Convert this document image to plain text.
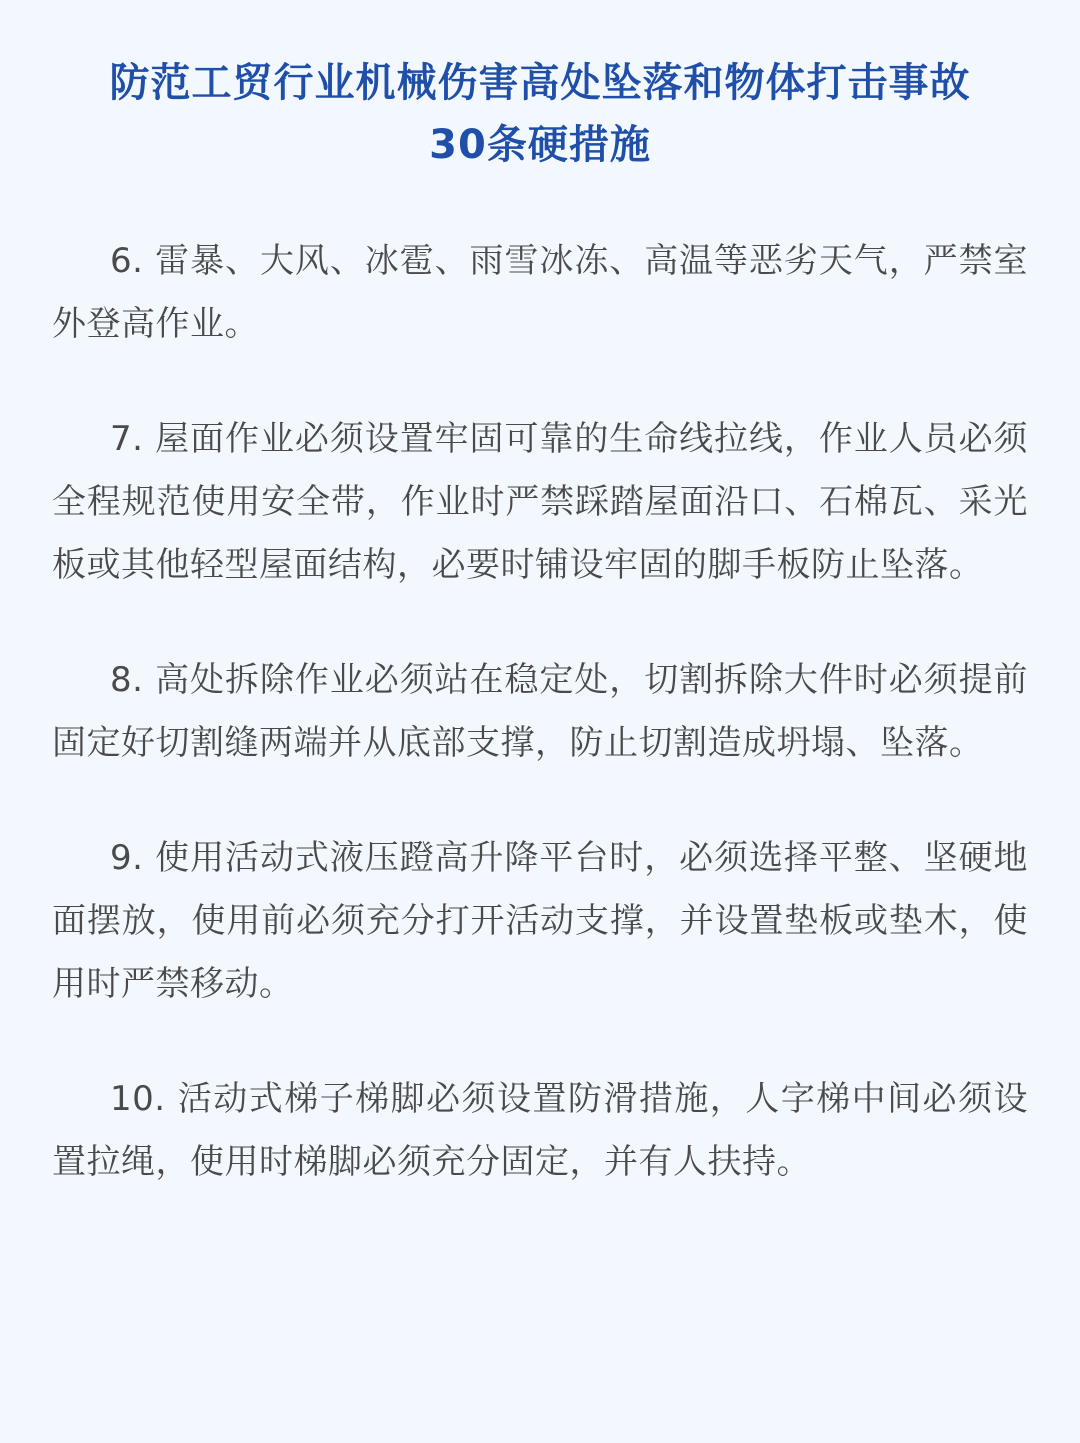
防范工贸行业机械伤害高处坠落和物体打击事故
30条硬措施

6. 雷暴、大风、冰雹、雨雪冰冻、高温等恶劣天气，严禁室外登高作业。

7. 屋面作业必须设置牢固可靠的生命线拉线，作业人员必须全程规范使用安全带，作业时严禁踩踏屋面沿口、石棉瓦、采光板或其他轻型屋面结构，必要时铺设牢固的脚手板防止坠落。

8. 高处拆除作业必须站在稳定处，切割拆除大件时必须提前固定好切割缝两端并从底部支撑，防止切割造成坍塌、坠落。

9. 使用活动式液压蹬高升降平台时，必须选择平整、坚硬地面摆放，使用前必须充分打开活动支撑，并设置垫板或垫木，使用时严禁移动。

10. 活动式梯子梯脚必须设置防滑措施，人字梯中间必须设置拉绳，使用时梯脚必须充分固定，并有人扶持。
